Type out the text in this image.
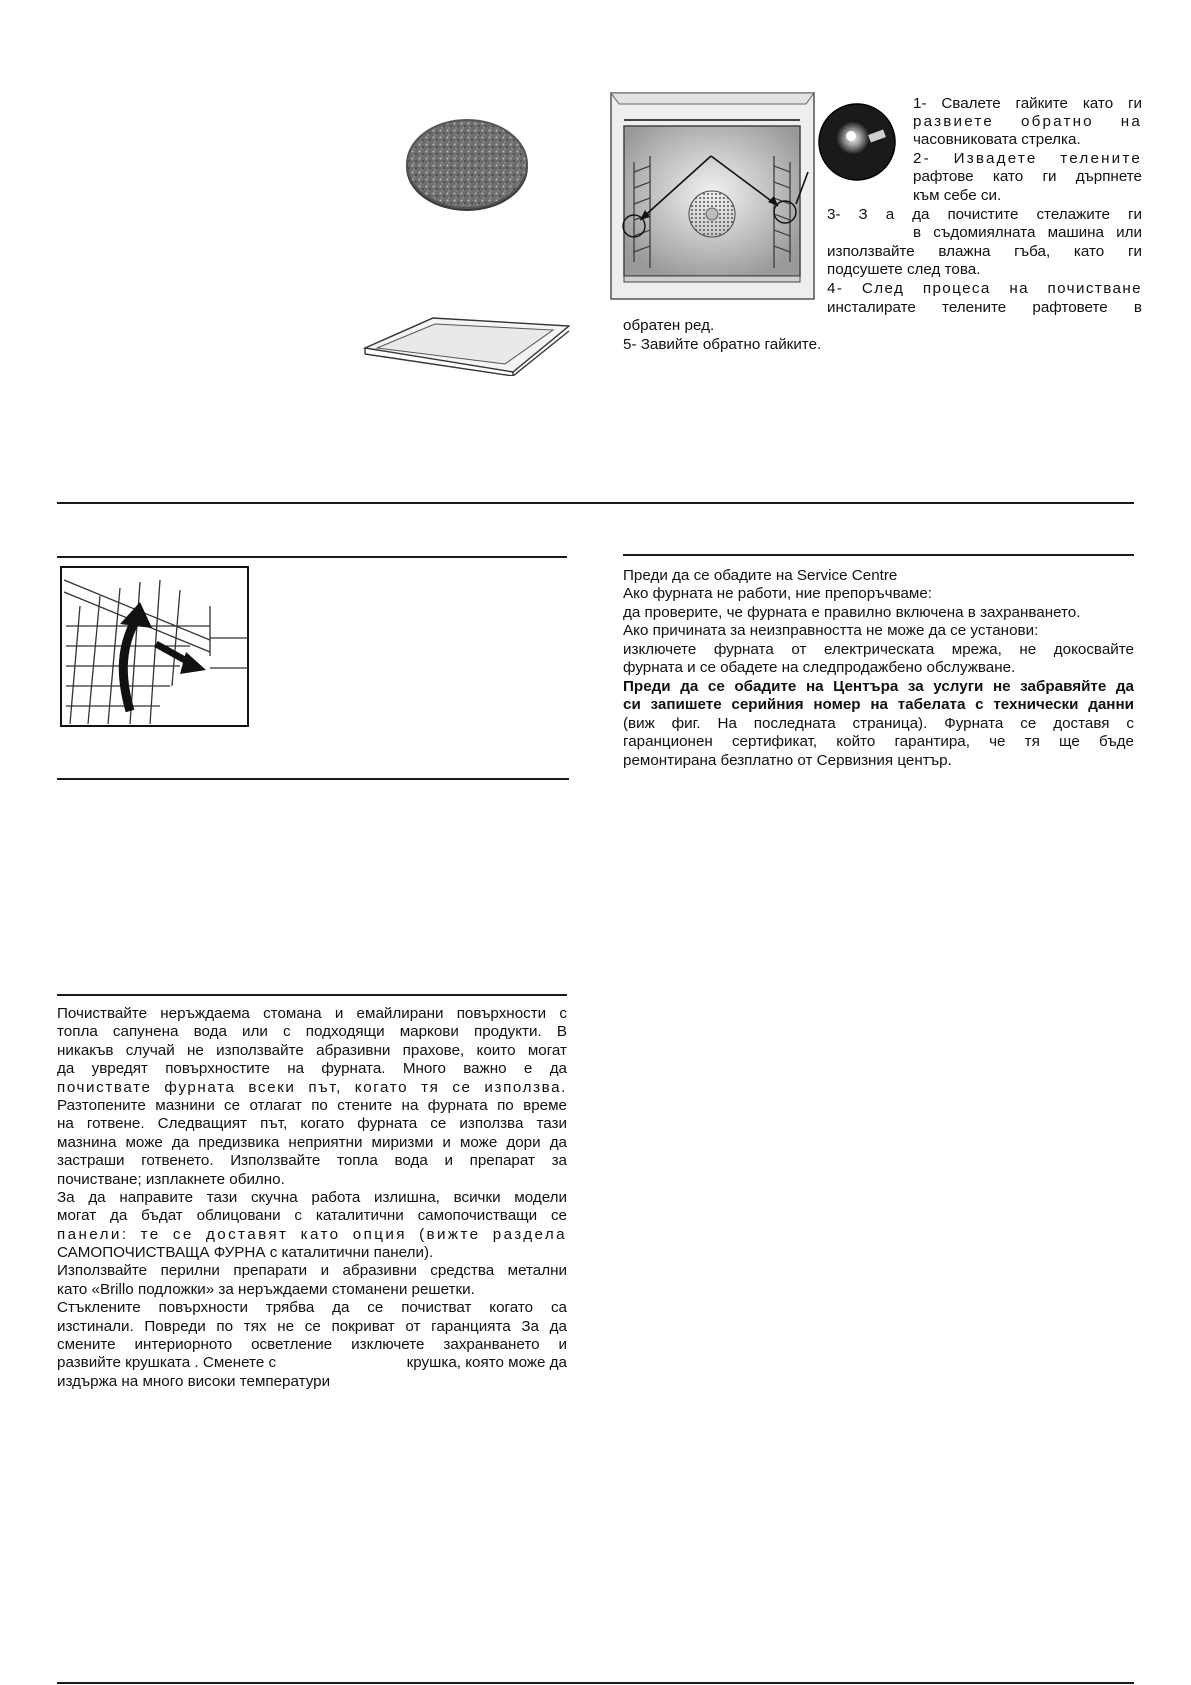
1- Свалете гайките като ги
развиете обратно на
часовниковата стрелка.
2- Извадете телените
рафтове като ги дърпнете
към себе си.
3- З а да почистите стелажите ги
в съдомиялната машина или
използвайте влажна гъба, като ги
подсушете след това.
4- След процеса на почистване
инсталирате телените рафтовете в
обратен ред.
5- Завийте обратно гайките.
Преди да се обадите на Service Centre
Ако фурната не работи, ние препоръчваме:
да проверите, че фурната е правилно включена в захранването.
Ако причината за неизправността не може да се установи:
изключете фурната от електрическата мрежа, не докосвайте
фурната и се обадете на следпродажбено обслужване.
Преди да се обадите на Центъра за услуги не забравяйте да
си запишете серийния номер на табелата с технически данни
(виж фиг. На последната страница). Фурната се доставя с
гаранционен сертификат, който гарантира, че тя ще бъде
ремонтирана безплатно от Сервизния център.
Почиствайте неръждаема стомана и емайлирани повърхности с
топла сапунена вода или с подходящи маркови продукти. В
никакъв случай не използвайте абразивни прахове, които могат
да увредят повърхностите на фурната. Много важно е да
почиствате фурната всеки път, когато тя се използва.
Разтопените мазнини се отлагат по стените на фурната по време
на готвене. Следващият път, когато фурната се използва тази
мазнина може да предизвика неприятни миризми и може дори да
застраши готвенето. Използвайте топла вода и препарат за
почистване; изплакнете обилно.
За да направите тази скучна работа излишна, всички модели
могат да бъдат облицовани с каталитични самопочистващи се
панели: те се доставят като опция (вижте раздела
САМОПОЧИСТВАЩА ФУРНА с каталитични панели).
Използвайте перилни препарати и абразивни средства метални
като «Brillo подложки» за неръждаеми стоманени решетки.
Стъклените повърхности трябва да се почистват когато са
изстинали. Повреди по тях не се покриват от гаранцията За да
смените интериорното осветление изключете захранването и
развийте крушката . Сменете с	крушка, която може да
издържа на много високи температури
